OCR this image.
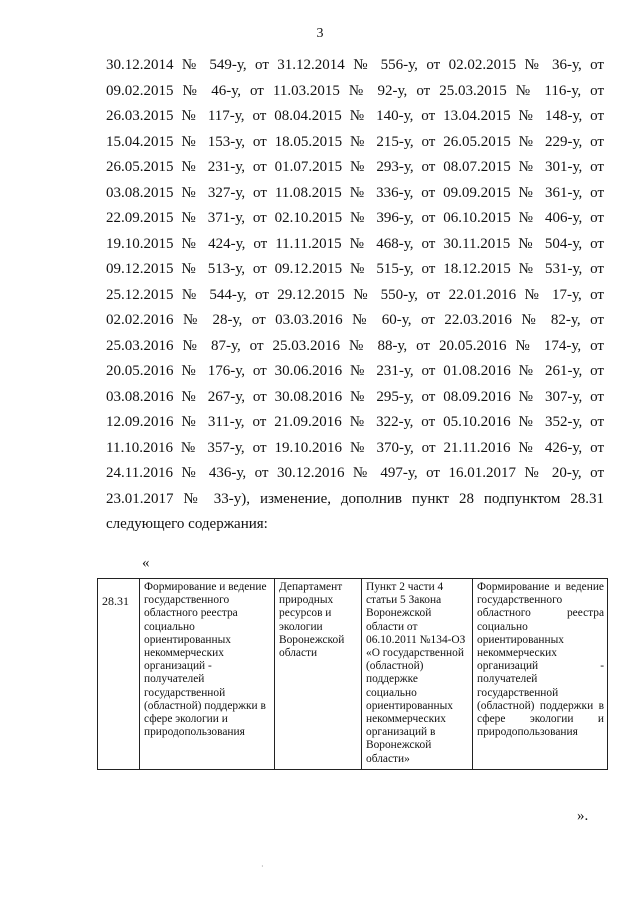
3
30.12.2014 № 549-у, от 31.12.2014 № 556-у, от 02.02.2015 № 36-у, от
09.02.2015 № 46-у, от 11.03.2015 № 92-у, от 25.03.2015 № 116-у, от
26.03.2015 № 117-у, от 08.04.2015 № 140-у, от 13.04.2015 № 148-у, от
15.04.2015 № 153-у, от 18.05.2015 № 215-у, от 26.05.2015 № 229-у, от
26.05.2015 № 231-у, от 01.07.2015 № 293-у, от 08.07.2015 № 301-у, от
03.08.2015 № 327-у, от 11.08.2015 № 336-у, от 09.09.2015 № 361-у, от
22.09.2015 № 371-у, от 02.10.2015 № 396-у, от 06.10.2015 № 406-у, от
19.10.2015 № 424-у, от 11.11.2015 № 468-у, от 30.11.2015 № 504-у, от
09.12.2015 № 513-у, от 09.12.2015 № 515-у, от 18.12.2015 № 531-у, от
25.12.2015 № 544-у, от 29.12.2015 № 550-у, от 22.01.2016 № 17-у, от
02.02.2016 № 28-у, от 03.03.2016 № 60-у, от 22.03.2016 № 82-у, от
25.03.2016 № 87-у, от 25.03.2016 № 88-у, от 20.05.2016 № 174-у, от
20.05.2016 № 176-у, от 30.06.2016 № 231-у, от 01.08.2016 № 261-у, от
03.08.2016 № 267-у, от 30.08.2016 № 295-у, от 08.09.2016 № 307-у, от
12.09.2016 № 311-у, от 21.09.2016 № 322-у, от 05.10.2016 № 352-у, от
11.10.2016 № 357-у, от 19.10.2016 № 370-у, от 21.11.2016 № 426-у, от
24.11.2016 № 436-у, от 30.12.2016 № 497-у, от 16.01.2017 № 20-у, от
23.01.2017 № 33-у), изменение, дополнив пункт 28 подпунктом 28.31
следующего содержания:
«
28.31	Формирование и ведение государственного областного реестра социально ориентированных некоммерческих организаций - получателей государственной (областной) поддержки в сфере экологии и природопользования	Департамент природных ресурсов и экологии Воронежской области	Пункт 2 части 4 статьи 5 Закона Воронежской области от 06.10.2011 №134-ОЗ «О государственной (областной) поддержке социально ориентированных некоммерческих организаций в Воронежской области»	Формирование и ведение государственного областного реестра социально ориентированных некоммерческих организаций - получателей государственной (областной) поддержки в сфере экологии и природопользования
».
·
